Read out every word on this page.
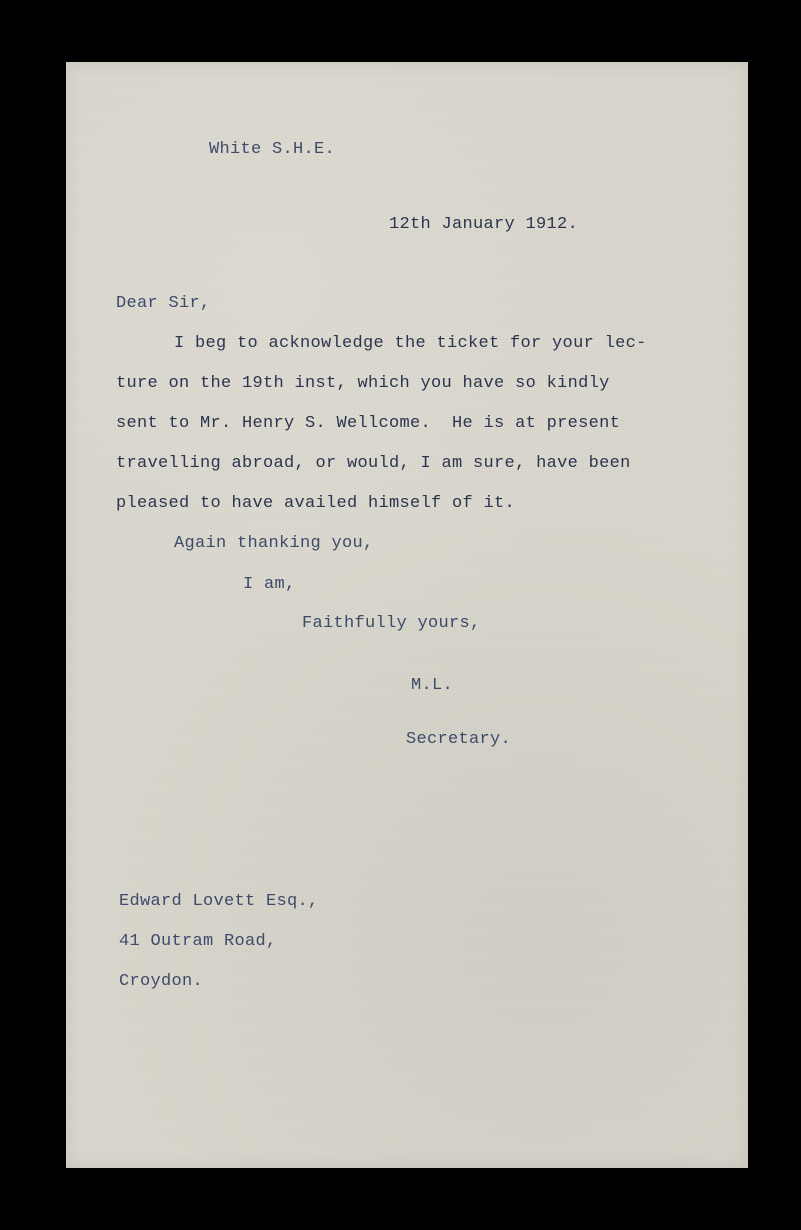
White S.H.E.
12th January 1912.
Dear Sir,
I beg to acknowledge the ticket for your lec-
ture on the 19th inst, which you have so kindly
sent to Mr. Henry S. Wellcome.  He is at present
travelling abroad, or would, I am sure, have been
pleased to have availed himself of it.
Again thanking you,
I am,
Faithfully yours,
M.L.
Secretary.
Edward Lovett Esq.,
41 Outram Road,
Croydon.
